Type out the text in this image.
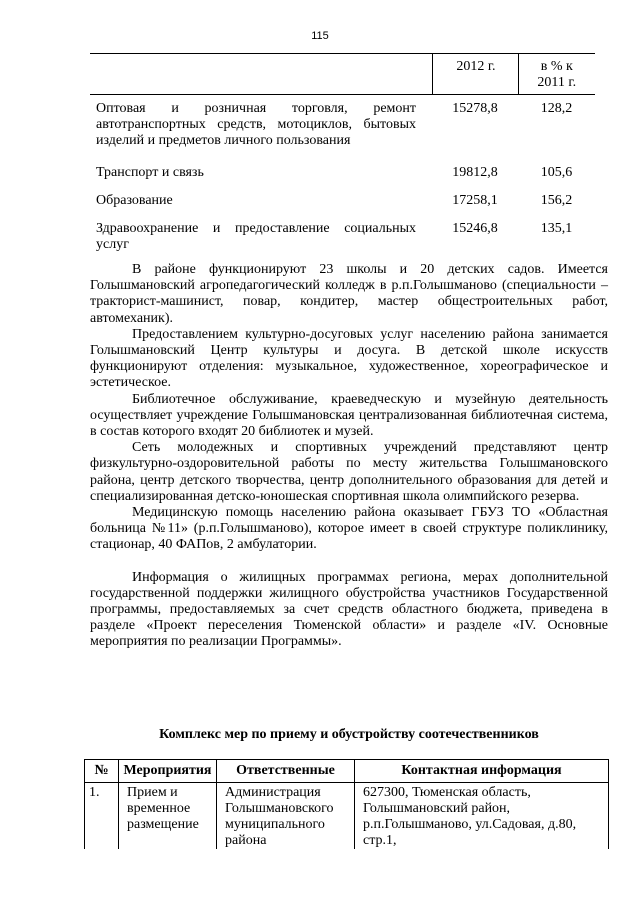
115
	2012 г.	в % к
2011 г.
Оптовая и розничная торговля, ремонт автотранспортных средств, мотоциклов, бытовых изделий и предметов личного пользования	15278,8	128,2
Транспорт и связь	19812,8	105,6
Образование	17258,1	156,2
Здравоохранение и предоставление социальных услуг	15246,8	135,1

В районе функционируют 23 школы и 20 детских садов. Имеется Голышмановский агропедагогический колледж в р.п.Голышманово (специальности – тракторист-машинист, повар, кондитер, мастер общестроительных работ, автомеханик).

Предоставлением культурно-досуговых услуг населению района занимается Голышмановский Центр культуры и досуга. В детской школе искусств функционируют отделения: музыкальное, художественное, хореографическое и эстетическое.

Библиотечное обслуживание, краеведческую и музейную деятельность осуществляет учреждение Голышмановская централизованная библиотечная система, в состав которого входят 20 библиотек и музей.

Сеть молодежных и спортивных учреждений представляют центр физкультурно-оздоровительной работы по месту жительства Голышмановского района, центр детского творчества, центр дополнительного образования для детей и специализированная детско-юношеская спортивная школа олимпийского резерва.

Медицинскую помощь населению района оказывает ГБУЗ ТО «Областная больница №11» (р.п.Голышманово), которое имеет в своей структуре поликлинику, стационар, 40 ФАПов, 2 амбулатории.

Информация о жилищных программах региона, мерах дополнительной государственной поддержки жилищного обустройства участников Государственной программы, предоставляемых за счет средств областного бюджета, приведена в разделе «Проект переселения Тюменской области» и разделе «IV. Основные мероприятия по реализации Программы».

Комплекс мер по приему и обустройству соотечественников
№	Мероприятия	Ответственные	Контактная информация
1.	Прием и временное размещение	Администрация Голышмановского муниципального района	627300, Тюменская область, Голышмановский район, р.п.Голышманово, ул.Садовая, д.80, стр.1,
